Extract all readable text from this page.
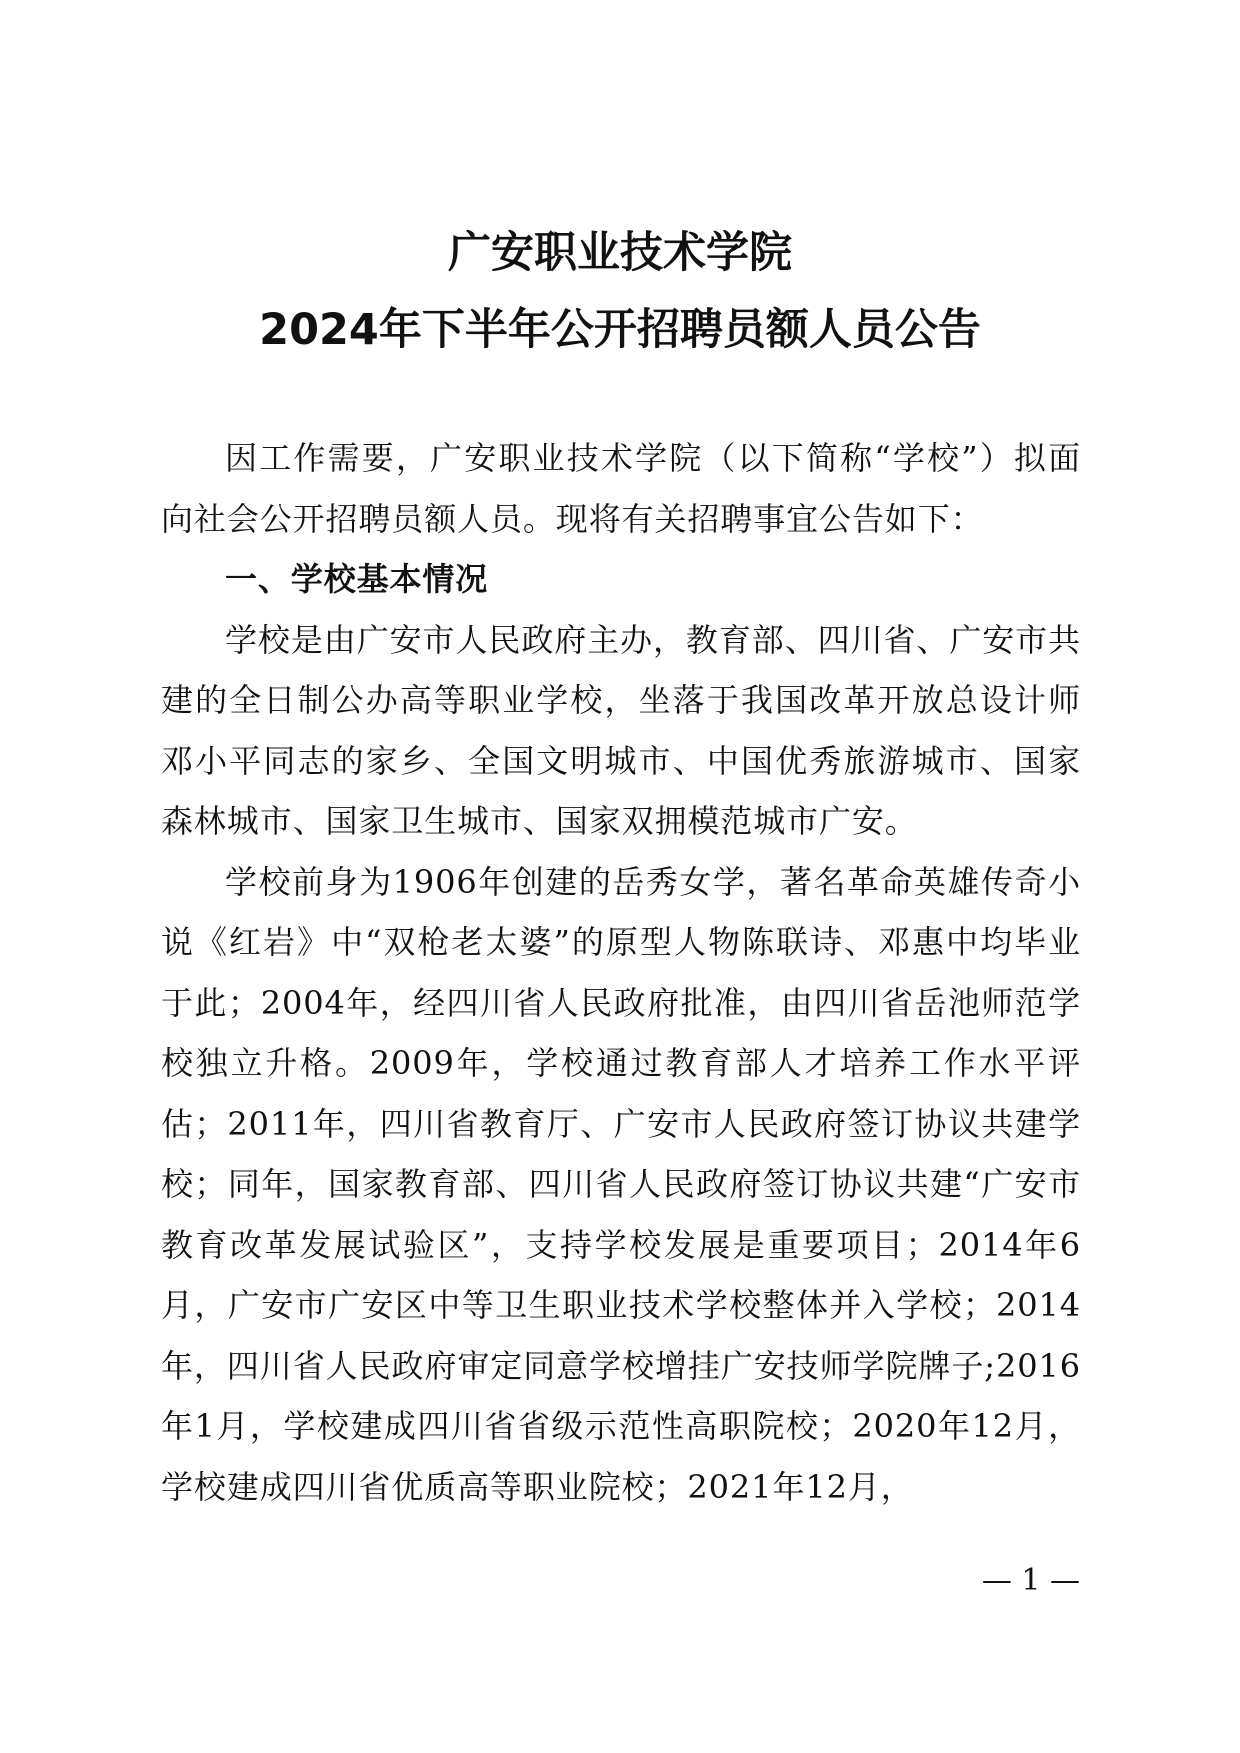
广安职业技术学院
2024年下半年公开招聘员额人员公告

因工作需要，广安职业技术学院（以下简称“学校”）拟面向社会公开招聘员额人员。现将有关招聘事宜公告如下：

一、学校基本情况

学校是由广安市人民政府主办，教育部、四川省、广安市共建的全日制公办高等职业学校，坐落于我国改革开放总设计师邓小平同志的家乡、全国文明城市、中国优秀旅游城市、国家森林城市、国家卫生城市、国家双拥模范城市广安。

学校前身为1906年创建的岳秀女学，著名革命英雄传奇小说《红岩》中“双枪老太婆”的原型人物陈联诗、邓惠中均毕业于此；2004年，经四川省人民政府批准，由四川省岳池师范学校独立升格。2009年，学校通过教育部人才培养工作水平评估；2011年，四川省教育厅、广安市人民政府签订协议共建学校；同年，国家教育部、四川省人民政府签订协议共建“广安市教育改革发展试验区”，支持学校发展是重要项目；2014年6月，广安市广安区中等卫生职业技术学校整体并入学校；2014年，四川省人民政府审定同意学校增挂广安技师学院牌子;2016年1月，学校建成四川省省级示范性高职院校；2020年12月，学校建成四川省优质高等职业院校；2021年12月，

— 1 —
